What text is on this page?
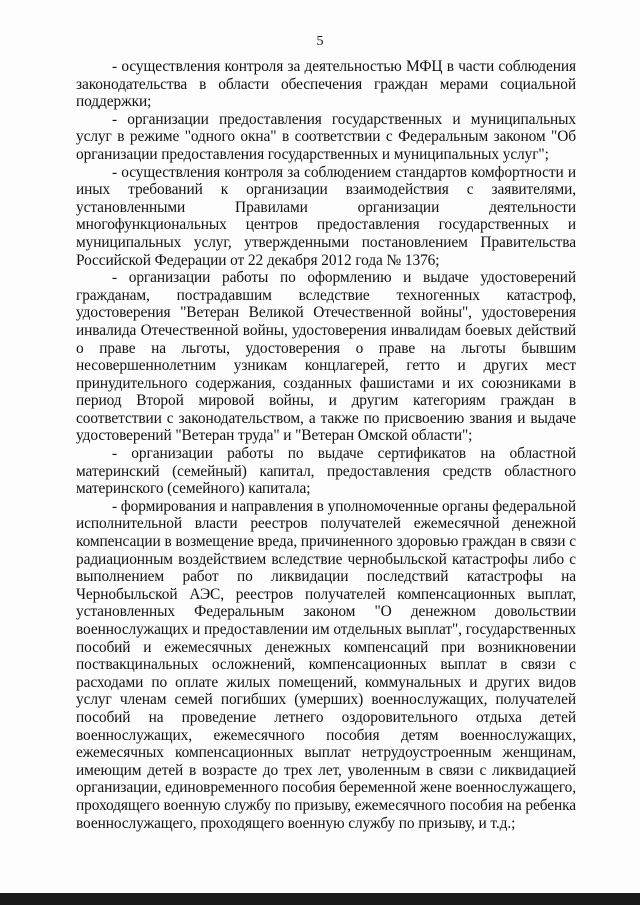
5

- осуществления контроля за деятельностью МФЦ в части соблюдения законодательства в области обеспечения граждан мерами социальной поддержки;

- организации предоставления государственных и муниципальных услуг в режиме "одного окна" в соответствии с Федеральным законом "Об организации предоставления государственных и муниципальных услуг";

- осуществления контроля за соблюдением стандартов комфортности и иных требований к организации взаимодействия с заявителями, установленными Правилами организации деятельности многофункциональных центров предоставления государственных и муниципальных услуг, утвержденными постановлением Правительства Российской Федерации от 22 декабря 2012 года № 1376;

- организации работы по оформлению и выдаче удостоверений гражданам, пострадавшим вследствие техногенных катастроф, удостоверения "Ветеран Великой Отечественной войны", удостоверения инвалида Отечественной войны, удостоверения инвалидам боевых действий о праве на льготы, удостоверения о праве на льготы бывшим несовершеннолетним узникам концлагерей, гетто и других мест принудительного содержания, созданных фашистами и их союзниками в период Второй мировой войны, и другим категориям граждан в соответствии с законодательством, а также по присвоению звания и выдаче удостоверений "Ветеран труда" и "Ветеран Омской области";

- организации работы по выдаче сертификатов на областной материнский (семейный) капитал, предоставления средств областного материнского (семейного) капитала;

- формирования и направления в уполномоченные органы федеральной исполнительной власти реестров получателей ежемесячной денежной компенсации в возмещение вреда, причиненного здоровью граждан в связи с радиационным воздействием вследствие чернобыльской катастрофы либо с выполнением работ по ликвидации последствий катастрофы на Чернобыльской АЭС, реестров получателей компенсационных выплат, установленных Федеральным законом "О денежном довольствии военнослужащих и предоставлении им отдельных выплат", государственных пособий и ежемесячных денежных компенсаций при возникновении поствакцинальных осложнений, компенсационных выплат в связи с расходами по оплате жилых помещений, коммунальных и других видов услуг членам семей погибших (умерших) военнослужащих, получателей пособий на проведение летнего оздоровительного отдыха детей военнослужащих, ежемесячного пособия детям военнослужащих, ежемесячных компенсационных выплат нетрудоустроенным женщинам, имеющим детей в возрасте до трех лет, уволенным в связи с ликвидацией организации, единовременного пособия беременной жене военнослужащего, проходящего военную службу по призыву, ежемесячного пособия на ребенка военнослужащего, проходящего военную службу по призыву, и т.д.;
